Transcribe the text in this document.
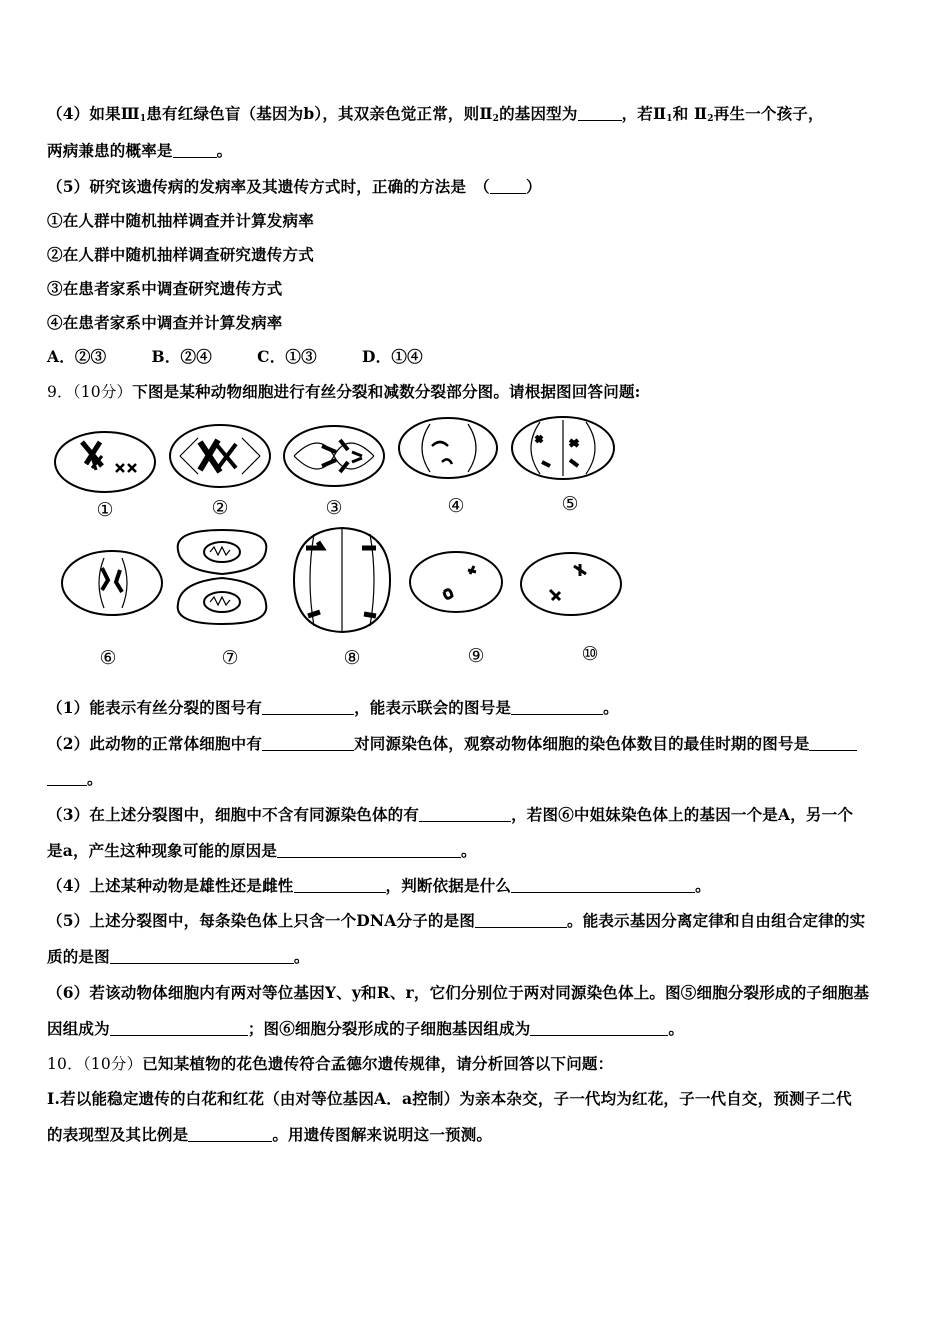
（4）如果$Ⅲ_1$患有红绿色盲（基因为b），其双亲色觉正常，则$Ⅱ_2$的基因型为	，若$Ⅱ_1$和 $Ⅱ_2$再生一个孩子，
两病兼患的概率是	。
（5）研究该遗传病的发病率及其遗传方式时，正确的方法是　（ ）
①在人群中随机抽样调查并计算发病率
②在人群中随机抽样调查研究遗传方式
③在患者家系中调查研究遗传方式
④在患者家系中调查并计算发病率
A．②③	B．②④	C．①③	D．①④
9．（10分）下图是某种动物细胞进行有丝分裂和减数分裂部分图。请根据图回答问题:
①	②	③	④	⑤
⑥	⑦	⑧	⑨	⑩
（1）能表示有丝分裂的图号有	，能表示联会的图号是	。
（2）此动物的正常体细胞中有	对同源染色体，观察动物体细胞的染色体数目的最佳时期的图号是
。
（3）在上述分裂图中，细胞中不含有同源染色体的有	，若图⑥中姐妹染色体上的基因一个是A，另一个
是a，产生这种现象可能的原因是	。
（4）上述某种动物是雄性还是雌性	，判断依据是什么	。
（5）上述分裂图中，每条染色体上只含一个DNA分子的是图	。能表示基因分离定律和自由组合定律的实
质的是图	。
（6）若该动物体细胞内有两对等位基因Y、y和R、r，它们分别位于两对同源染色体上。图⑤细胞分裂形成的子细胞基
因组成为	；图⑥细胞分裂形成的子细胞基因组成为	。
10．（10分）已知某植物的花色遗传符合孟德尔遗传规律，请分析回答以下问题：
I.若以能稳定遗传的白花和红花（由对等位基因A．a控制）为亲本杂交，子一代均为红花，子一代自交，预测子二代
的表现型及其比例是	。用遗传图解来说明这一预测。
